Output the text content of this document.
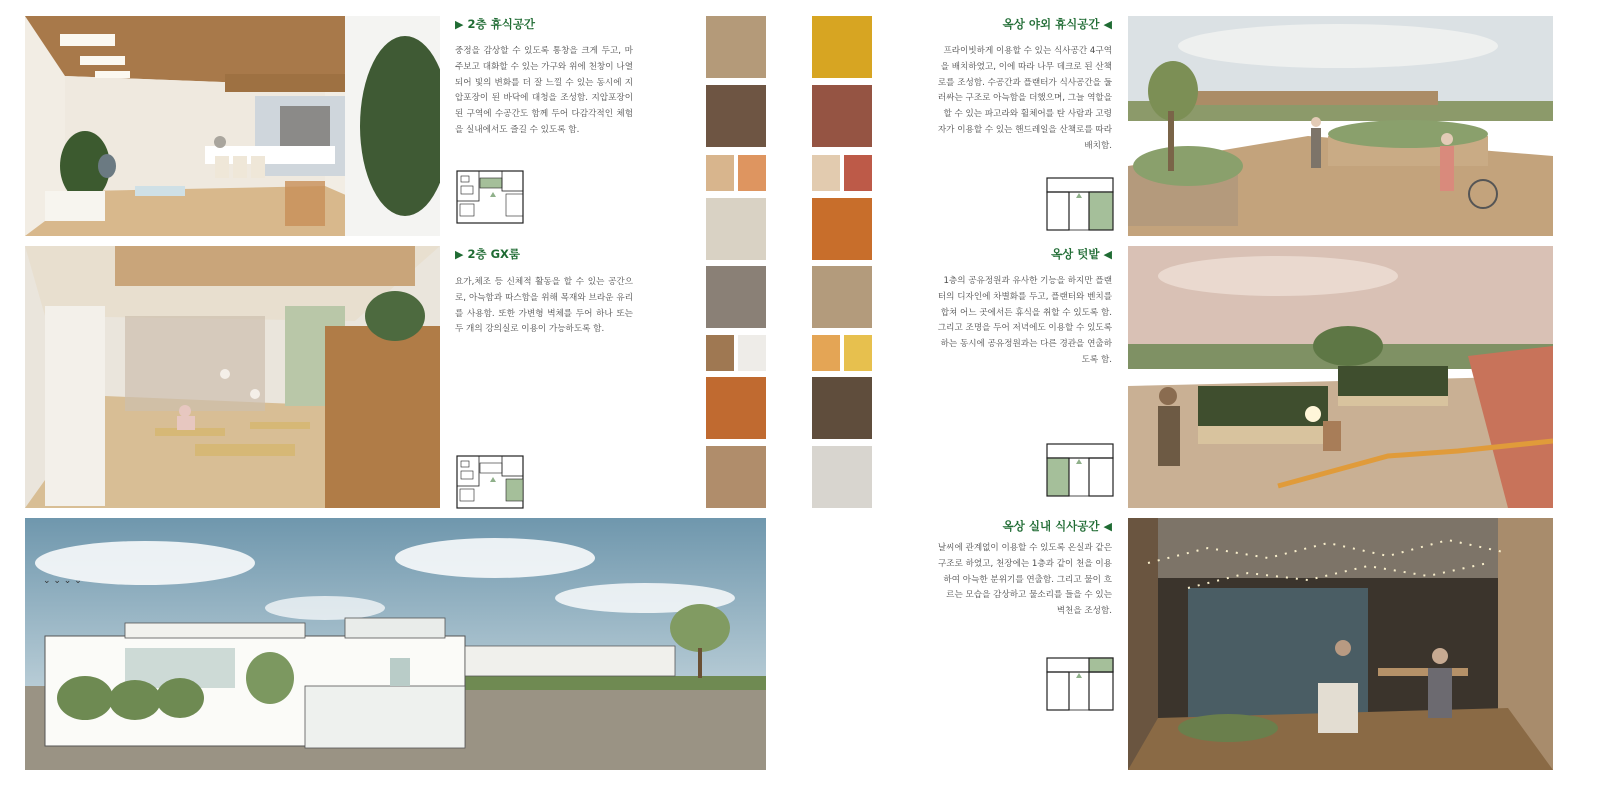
▶ 2층 휴식공간
중정을 감상할 수 있도록 통창을 크게 두고, 마주보고 대화할 수 있는 가구와 위에 천창이 나열되어 빛의 변화를 더 잘 느낄 수 있는 동시에 지압포장이 된 바닥에 대청을 조성함. 지압포장이 된 구역에 수공간도 함께 두어 다감각적인 체험을 실내에서도 즐길 수 있도록 함.
▶ 2층 GX룸
요가,체조 등 신체적 활동을 할 수 있는 공간으로, 아늑함과 따스함을 위해 목재와 브라운 유리를 사용함. 또한 가변형 벽체를 두어 하나 또는 두 개의 강의실로 이용이 가능하도록 함.
⌄ ⌄ ⌄ ⌄
옥상 야외 휴식공간 ◀
프라이빗하게 이용할 수 있는 식사공간 4구역을 배치하였고, 이에 따라 나무 데크로 된 산책로를 조성함. 수공간과 플랜터가 식사공간을 둘러싸는 구조로 아늑함을 더했으며, 그늘 역할을 할 수 있는 파고라와 휠체어를 탄 사람과 고령자가 이용할 수 있는 핸드레일을 산책로를 따라 배치함.
옥상 텃밭 ◀
1층의 공유정원과 유사한 기능을 하지만 플랜터의 디자인에 차별화를 두고, 플랜터와 벤치를 합쳐 어느 곳에서든 휴식을 취할 수 있도록 함. 그리고 조명을 두어 저녁에도 이용할 수 있도록 하는 동시에 공유정원과는 다른 경관을 연출하도록 함.
옥상 실내 식사공간 ◀
날씨에 관계없이 이용할 수 있도록 온실과 같은 구조로 하였고, 천장에는 1층과 같이 천을 이용하여 아늑한 분위기를 연출함. 그리고 물이 흐르는 모습을 감상하고 물소리를 들을 수 있는 벽천을 조성함.
